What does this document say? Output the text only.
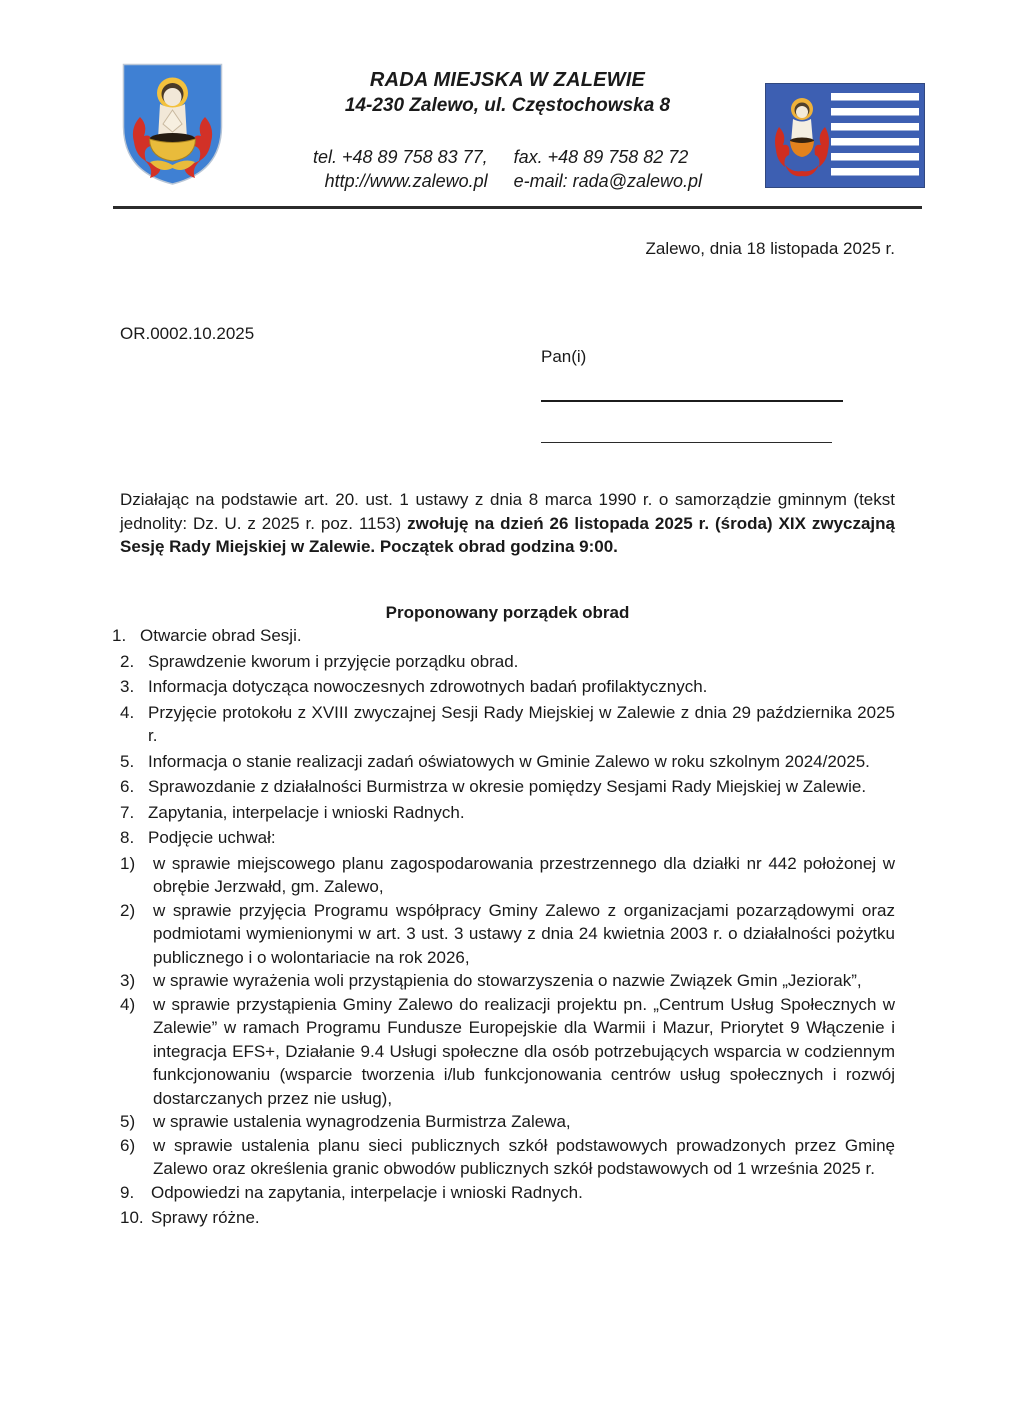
RADA MIEJSKA W ZALEWIE
14-230 Zalewo, ul. Częstochowska 8
tel. +48 89 758 83 77,
http://www.zalewo.pl
fax. +48 89 758 82 72
e-mail: rada@zalewo.pl
Zalewo, dnia 18 listopada 2025 r.
OR.0002.10.2025
Pan(i)

Działając na podstawie art. 20. ust. 1 ustawy z dnia 8 marca 1990 r. o samorządzie gminnym (tekst jednolity: Dz. U. z 2025 r. poz. 1153) zwołuję na dzień 26 listopada 2025 r. (środa) XIX zwyczajną Sesję Rady Miejskiej w Zalewie. Początek obrad godzina 9:00.

Proponowany porządek obrad
1. Otwarcie obrad Sesji.
2. Sprawdzenie kworum i przyjęcie porządku obrad.
3. Informacja dotycząca nowoczesnych zdrowotnych badań profilaktycznych.
4. Przyjęcie protokołu z XVIII zwyczajnej Sesji Rady Miejskiej w Zalewie z dnia 29 października 2025 r.
5. Informacja o stanie realizacji zadań oświatowych w Gminie Zalewo w roku szkolnym 2024/2025.
6. Sprawozdanie z działalności Burmistrza w okresie pomiędzy Sesjami Rady Miejskiej w Zalewie.
7. Zapytania, interpelacje i wnioski Radnych.
8. Podjęcie uchwał:
1)	w sprawie miejscowego planu zagospodarowania przestrzennego dla działki nr 442 położonej w obrębie Jerzwałd, gm. Zalewo,
2)	w sprawie przyjęcia Programu współpracy Gminy Zalewo z organizacjami pozarządowymi oraz podmiotami wymienionymi w art. 3 ust. 3 ustawy z dnia 24 kwietnia 2003 r. o działalności pożytku publicznego i o wolontariacie na rok 2026,
3)	w sprawie wyrażenia woli przystąpienia do stowarzyszenia o nazwie Związek Gmin „Jeziorak”,
4)	w sprawie przystąpienia Gminy Zalewo do realizacji projektu pn. „Centrum Usług Społecznych w Zalewie” w ramach Programu Fundusze Europejskie dla Warmii i Mazur, Priorytet 9 Włączenie i integracja EFS+, Działanie 9.4 Usługi społeczne dla osób potrzebujących wsparcia w codziennym funkcjonowaniu (wsparcie tworzenia i/lub funkcjonowania centrów usług społecznych i rozwój dostarczanych przez nie usług),
5)	w sprawie ustalenia wynagrodzenia Burmistrza Zalewa,
6)	w sprawie ustalenia planu sieci publicznych szkół podstawowych prowadzonych przez Gminę Zalewo oraz określenia granic obwodów publicznych szkół podstawowych od 1 września 2025 r.
9. Odpowiedzi na zapytania, interpelacje i wnioski Radnych.
10. Sprawy różne.
